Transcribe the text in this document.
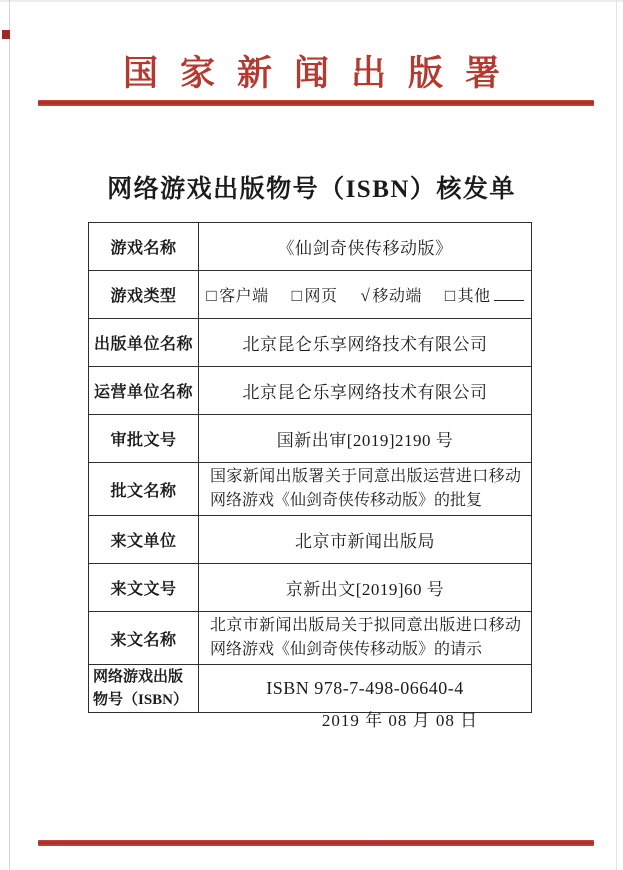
国家新闻出版署
网络游戏出版物号（ISBN）核发单
游戏名称	《仙剑奇侠传移动版》
游戏类型	□ 客户端 □ 网页 √ 移动端 □ 其他

出版单位名称	北京昆仑乐享网络技术有限公司
运营单位名称	北京昆仑乐享网络技术有限公司
审批文号	国新出审[2019]2190 号
批文名称	国家新闻出版署关于同意出版运营进口移动网络游戏《仙剑奇侠传移动版》的批复
来文单位	北京市新闻出版局
来文文号	京新出文[2019]60 号
来文名称	北京市新闻出版局关于拟同意出版进口移动网络游戏《仙剑奇侠传移动版》的请示
网络游戏出版物号（ISBN）	ISBN 978-7-498-06640-4
2019 年 08 月 08 日
